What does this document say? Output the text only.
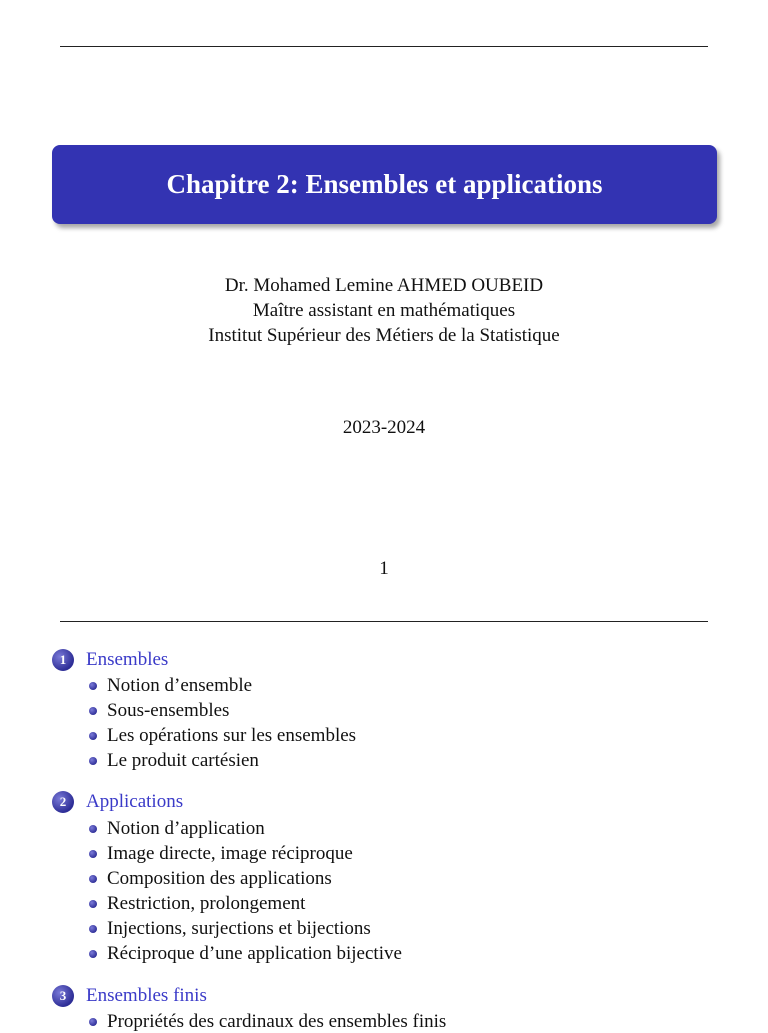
Chapitre 2: Ensembles et applications
Dr. Mohamed Lemine AHMED OUBEID
Maître assistant en mathématiques
Institut Supérieur des Métiers de la Statistique
2023-2024
1
1	Ensembles
Notion d’ensemble
Sous-ensembles
Les opérations sur les ensembles
Le produit cartésien
2	Applications
Notion d’application
Image directe, image réciproque
Composition des applications
Restriction, prolongement
Injections, surjections et bijections
Réciproque d’une application bijective
3	Ensembles finis
Propriétés des cardinaux des ensembles finis
